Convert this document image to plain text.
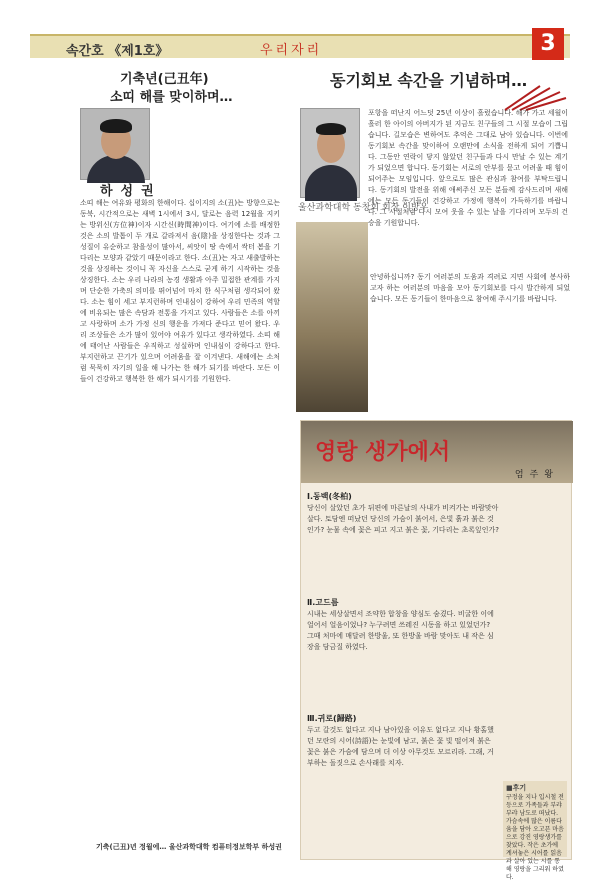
속간호 《제1호》	우리자리	3
기축년(己丑年)
소띠 해를 맞이하며…
하성권
소띠 해는 여유와 평화의 한해이다. 십이지의 소(丑)는 방향으로는 동북, 시간적으로는 새벽 1시에서 3시, 달로는 음력 12월을 지키는 방위신(方位神)이자 시간신(時間神)이다. 여기에 소를 배정한 것은 소의 발톱이 두 개로 갈라져서 음(陰)을 상징한다는 것과 그 성질이 유순하고 참을성이 많아서, 씨앗이 땅 속에서 싹터 봄을 기다리는 모양과 같았기 때문이라고 한다. 소(丑)는 자고 새출발하는 것을 상징하는 것이니 꼭 자신을 스스로 굳게 하기 시작하는 것을 상징한다. 소는 우리 나라의 농경 생활과 아주 밀접한 관계를 가지며 단순한 가축의 의미를 뛰어넘어 마치 한 식구처럼 생각되어 왔다. 소는 힘이 세고 부지런하며 인내심이 강하여 우리 민족의 역할에 비유되는 많은 속담과 전통을 가지고 있다. 사람들은 소를 아끼고 사랑하며 소가 가정 신의 행운을 가져다 준다고 믿어 왔다. 우리 조상들은 소가 많이 있어야 여유가 있다고 생각하였다. 소띠 해에 태어난 사람들은 우직하고 성실하며 인내심이 강하다고 한다. 부지런하고 끈기가 있으며 어려움을 잘 이겨낸다. 새해에는 소처럼 묵묵히 자기의 일을 해 나가는 한 해가 되기를 바란다. 모든 이들이 건강하고 행복한 한 해가 되시기를 기원한다.
기축(己丑)년 정월에… 울산과학대학 컴퓨터정보학부 하성권
동기회보 속간을 기념하며…
울산과학대학 동창회 회장 이방우
포항을 떠난지 어느덧 25년 이상이 흘렀습니다. 해가 가고 세월이 흘러 한 아이의 아버지가 된 지금도 친구들의 그 시절 모습이 그립습니다. 길모습은 변하여도 추억은 그대로 남아 있습니다. 이번에 동기회보 속간을 맞이하여 오랜만에 소식을 전하게 되어 기쁩니다. 그동안 연락이 닿지 않았던 친구들과 다시 만날 수 있는 계기가 되었으면 합니다. 동기회는 서로의 안부를 묻고 어려울 때 힘이 되어주는 모임입니다. 앞으로도 많은 관심과 참여를 부탁드립니다. 동기회의 발전을 위해 애써주신 모든 분들께 감사드리며 새해에는 모든 동기들이 건강하고 가정에 행복이 가득하기를 바랍니다. 그 시절처럼 다시 모여 웃을 수 있는 날을 기다리며 모두의 건승을 기원합니다.
안녕하십니까? 동기 여러분의 도움과 격려로 지면 사회에 봉사하고자 하는 여러분의 마음을 모아 동기회보를 다시 발간하게 되었습니다. 모든 동기들이 한마음으로 참여해 주시기를 바랍니다.
영랑 생가에서
엄주왕
Ⅰ.동백(冬柏)
당신이 살았던 초가 뒤편에 마른날의 사내가 비켜가는 바람맞아 살다. 토담엔 떠났던 당신의 가슴이 붉어서, 은빛 흙과 붉은 것인가? 눈물 속에 꽃은 피고 지고 붉은 꽃, 기다리는 초록잎인가?
Ⅱ.고드름
시내는 세상살면서 조약한 합창을 양심도 숨겼다. 비굴한 이에 얼어서 얼음이었나? 누구려면 쓰레진 시동을 하고 있었던가? 그때 처마에 매달려 한방울, 또 한방울 바람 맞아도 내 작은 심장을 담금질 하였다.
Ⅲ.귀로(歸路)
두고 갈것도 없다고 지나 남아있을 이유도 없다고 지나 황홀했던 모란의 시어(詩語)는 눈빛에 남고, 붉은 꽃 빛 떨어져 붉은 꽃은 붉은 가슴에 담으며 더 이상 아무것도 모르리라. 그래, 거부하는 돌짓으로 손사래를 치자.
■후기
구정을 지나 입시철 전 등으로 가족들과 부랴부랴 남도로 떠났다. 가슴속에 많은 이름다움을 담아 오고픈 마음으로 강진 영랑생가를 찾았다. 작은 초가에 계셔놓은 시어를 읽음과 살아 있는 시를 통해 영랑을 그리워 하였다.
